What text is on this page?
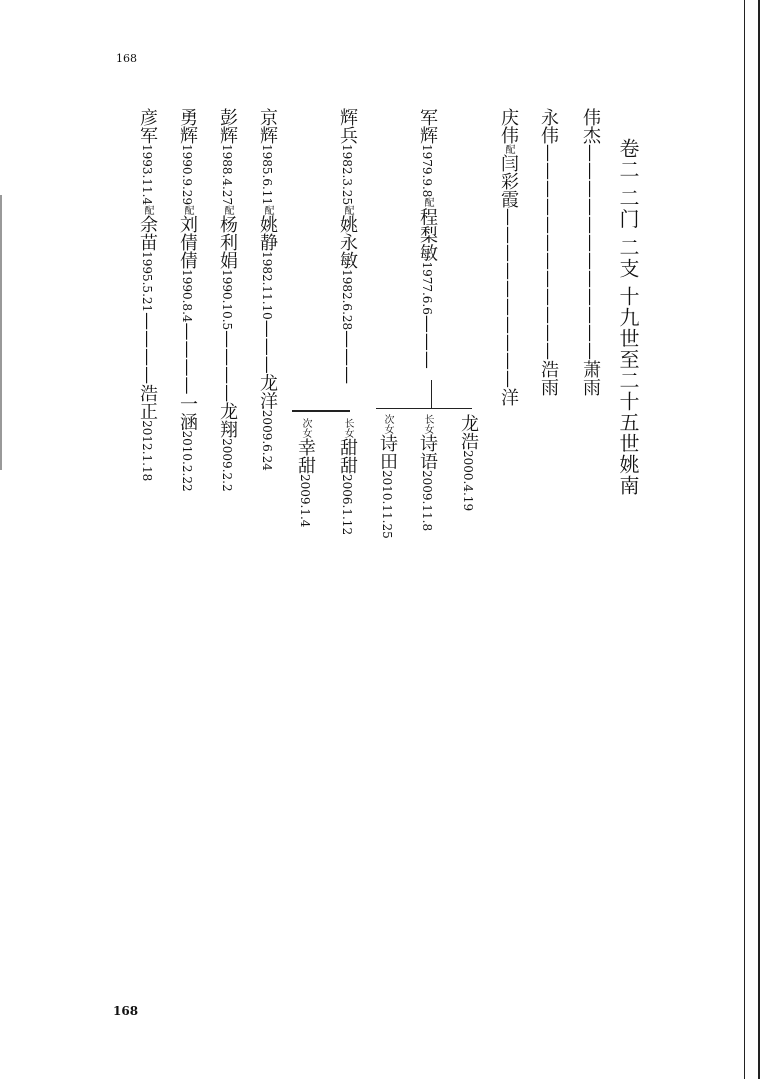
168
168
卷二 二门 二支 十九世至二十五世姚南
伟杰————————————萧雨
永伟————————————浩雨
庆伟配闫彩霞——————————洋
军辉1979.9.8配程梨敏1977.6.6———
龙浩2000.4.19
长女诗语2009.11.8
次女诗田2010.11.25
辉兵1982.3.25配姚永敏1982.6.28———
长女甜甜2006.1.12
次女幸甜2009.1.4
京辉1985.6.11配姚静1982.11.10———龙洋2009.6.24
彭辉1988.4.27配杨利娟1990.10.5————龙翔2009.2.2
勇辉1990.9.29配刘倩倩1990.8.4————一涵2010.2.22
彦军1993.11.4配余苗1995.5.21————浩正2012.1.18
